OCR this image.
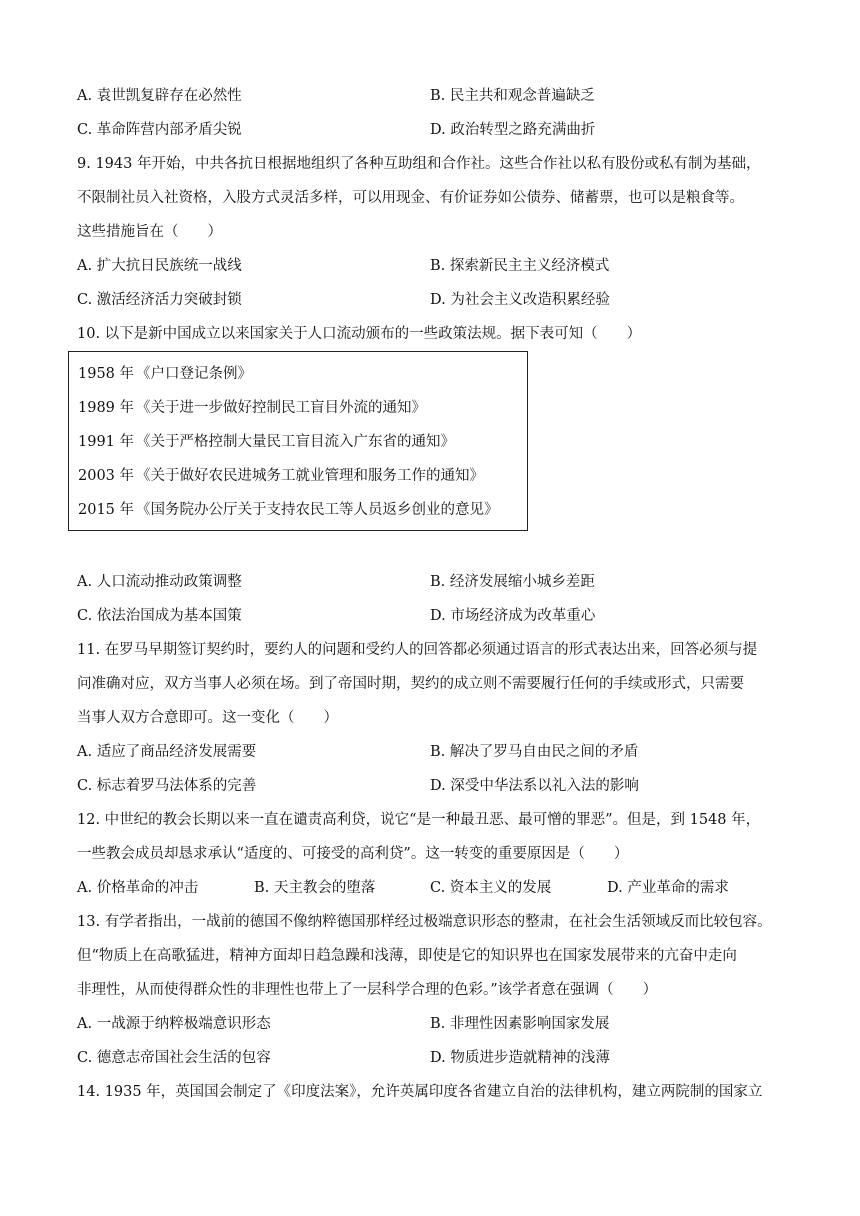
A. 袁世凯复辟存在必然性	B. 民主共和观念普遍缺乏
C. 革命阵营内部矛盾尖锐	D. 政治转型之路充满曲折
9. 1943 年开始，中共各抗日根据地组织了各种互助组和合作社。这些合作社以私有股份或私有制为基础，
不限制社员入社资格，入股方式灵活多样，可以用现金、有价证券如公债券、储蓄票，也可以是粮食等。
这些措施旨在（　　）
A. 扩大抗日民族统一战线	B. 探索新民主主义经济模式
C. 激活经济活力突破封锁	D. 为社会主义改造积累经验
10. 以下是新中国成立以来国家关于人口流动颁布的一些政策法规。据下表可知（　　）
1958 年 《户口登记条例》
1989 年 《关于进一步做好控制民工盲目外流的通知》
1991 年 《关于严格控制大量民工盲目流入广东省的通知》
2003 年 《关于做好农民进城务工就业管理和服务工作的通知》
2015 年 《国务院办公厅关于支持农民工等人员返乡创业的意见》
A. 人口流动推动政策调整	B. 经济发展缩小城乡差距
C. 依法治国成为基本国策	D. 市场经济成为改革重心
11. 在罗马早期签订契约时，要约人的问题和受约人的回答都必须通过语言的形式表达出来，回答必须与提
问准确对应，双方当事人必须在场。到了帝国时期，契约的成立则不需要履行任何的手续或形式，只需要
当事人双方合意即可。这一变化（　　）
A. 适应了商品经济发展需要	B. 解决了罗马自由民之间的矛盾
C. 标志着罗马法体系的完善	D. 深受中华法系以礼入法的影响
12. 中世纪的教会长期以来一直在谴责高利贷，说它“是一种最丑恶、最可憎的罪恶”。但是，到 1548 年，
一些教会成员却恳求承认“适度的、可接受的高利贷”。这一转变的重要原因是（　　）
A. 价格革命的冲击	B. 天主教会的堕落	C. 资本主义的发展	D. 产业革命的需求
13. 有学者指出，一战前的德国不像纳粹德国那样经过极端意识形态的整肃，在社会生活领域反而比较包容。
但“物质上在高歌猛进，精神方面却日趋急躁和浅薄，即使是它的知识界也在国家发展带来的亢奋中走向
非理性，从而使得群众性的非理性也带上了一层科学合理的色彩。”该学者意在强调（　　）
A. 一战源于纳粹极端意识形态	B. 非理性因素影响国家发展
C. 德意志帝国社会生活的包容	D. 物质进步造就精神的浅薄
14. 1935 年，英国国会制定了《印度法案》，允许英属印度各省建立自治的法律机构，建立两院制的国家立
